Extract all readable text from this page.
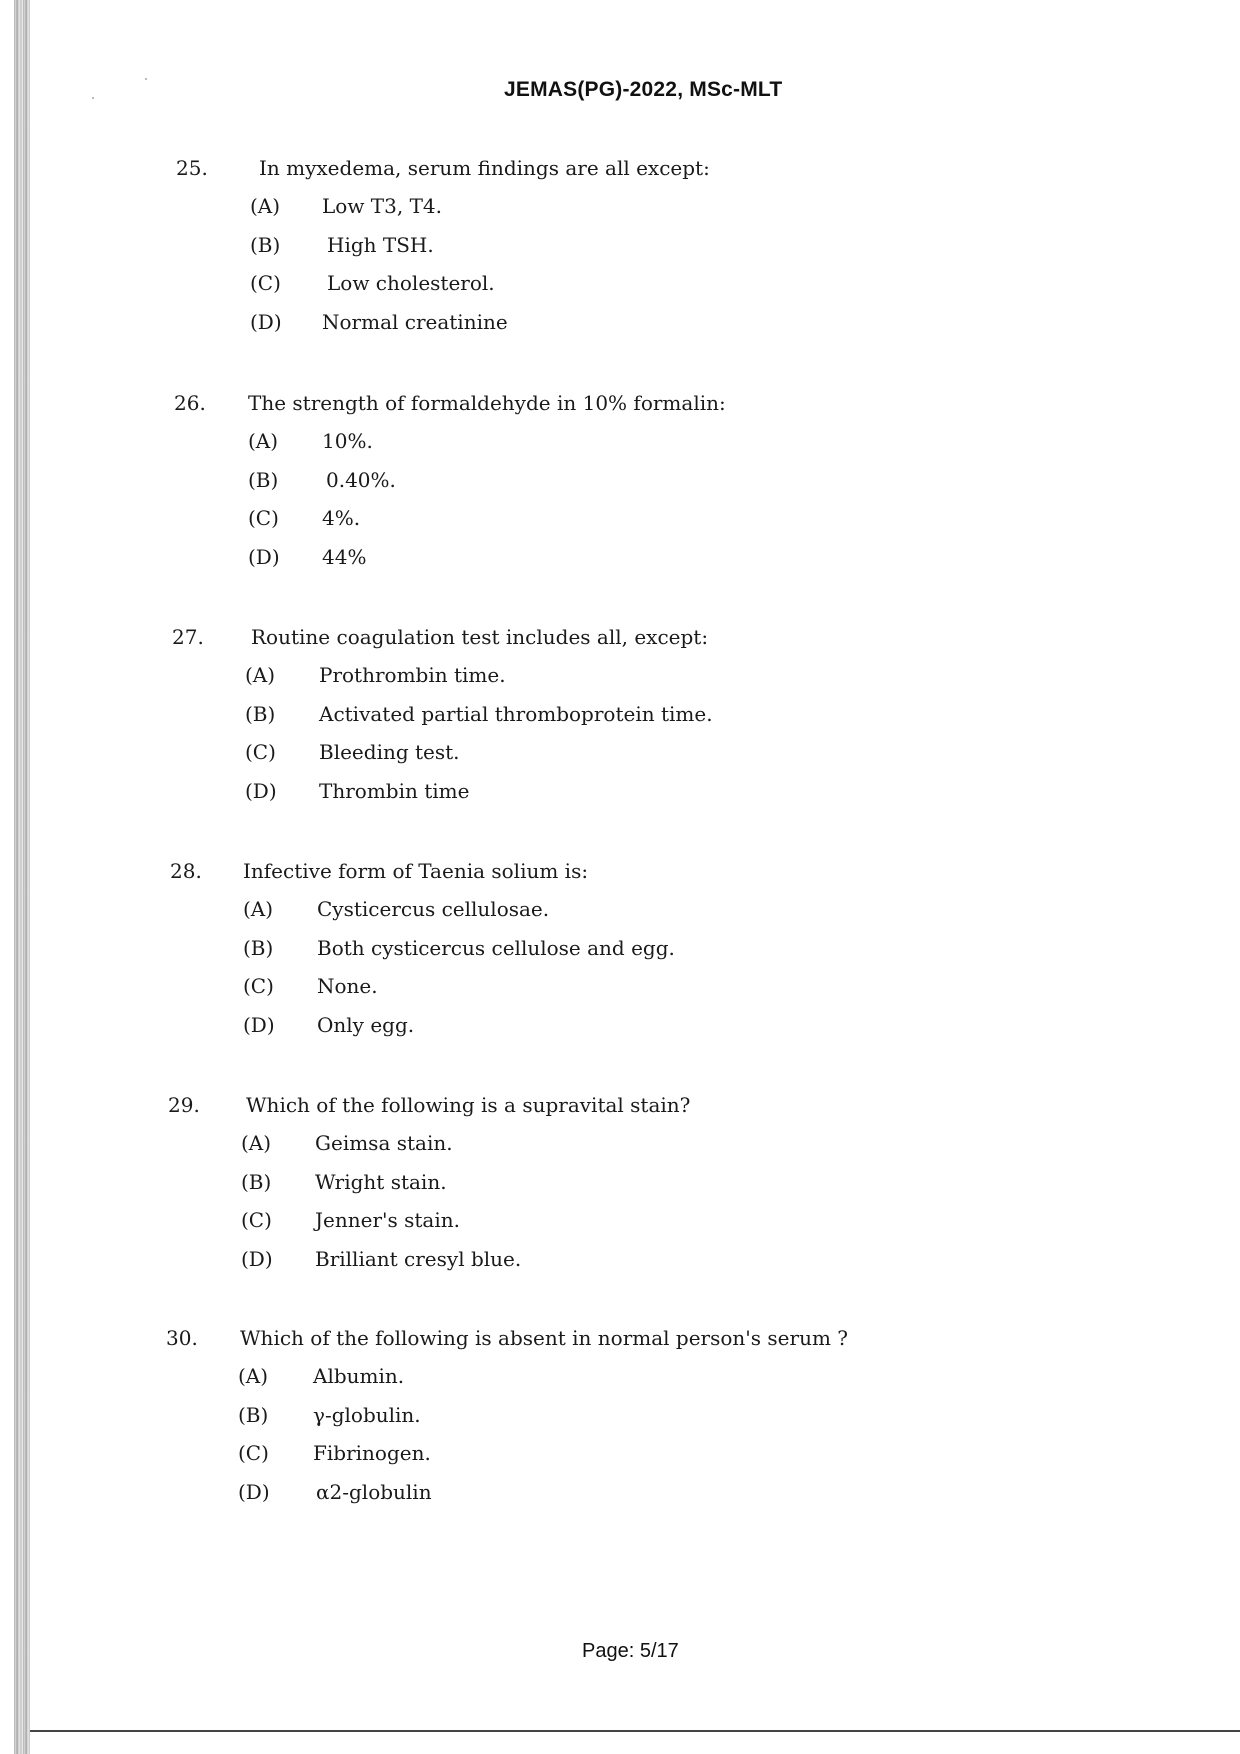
JEMAS(PG)-2022, MSc-MLT
25.	In myxedema, serum findings are all except:
(A) Low T3, T4.
(B) High TSH.
(C) Low cholesterol.
(D) Normal creatinine
26. The strength of formaldehyde in 10% formalin:
(A) 10%.
(B) 0.40%.
(C) 4%.
(D) 44%
27. Routine coagulation test includes all, except:
(A) Prothrombin time.
(B) Activated partial thromboprotein time.
(C) Bleeding test.
(D) Thrombin time
28. Infective form of Taenia solium is:
(A) Cysticercus cellulosae.
(B) Both cysticercus cellulose and egg.
(C) None.
(D) Only egg.
29. Which of the following is a supravital stain?
(A) Geimsa stain.
(B) Wright stain.
(C) Jenner's stain.
(D) Brilliant cresyl blue.
30. Which of the following is absent in normal person's serum ?
(A) Albumin.
(B) γ-globulin.
(C) Fibrinogen.
(D) α2-globulin
Page: 5/17
